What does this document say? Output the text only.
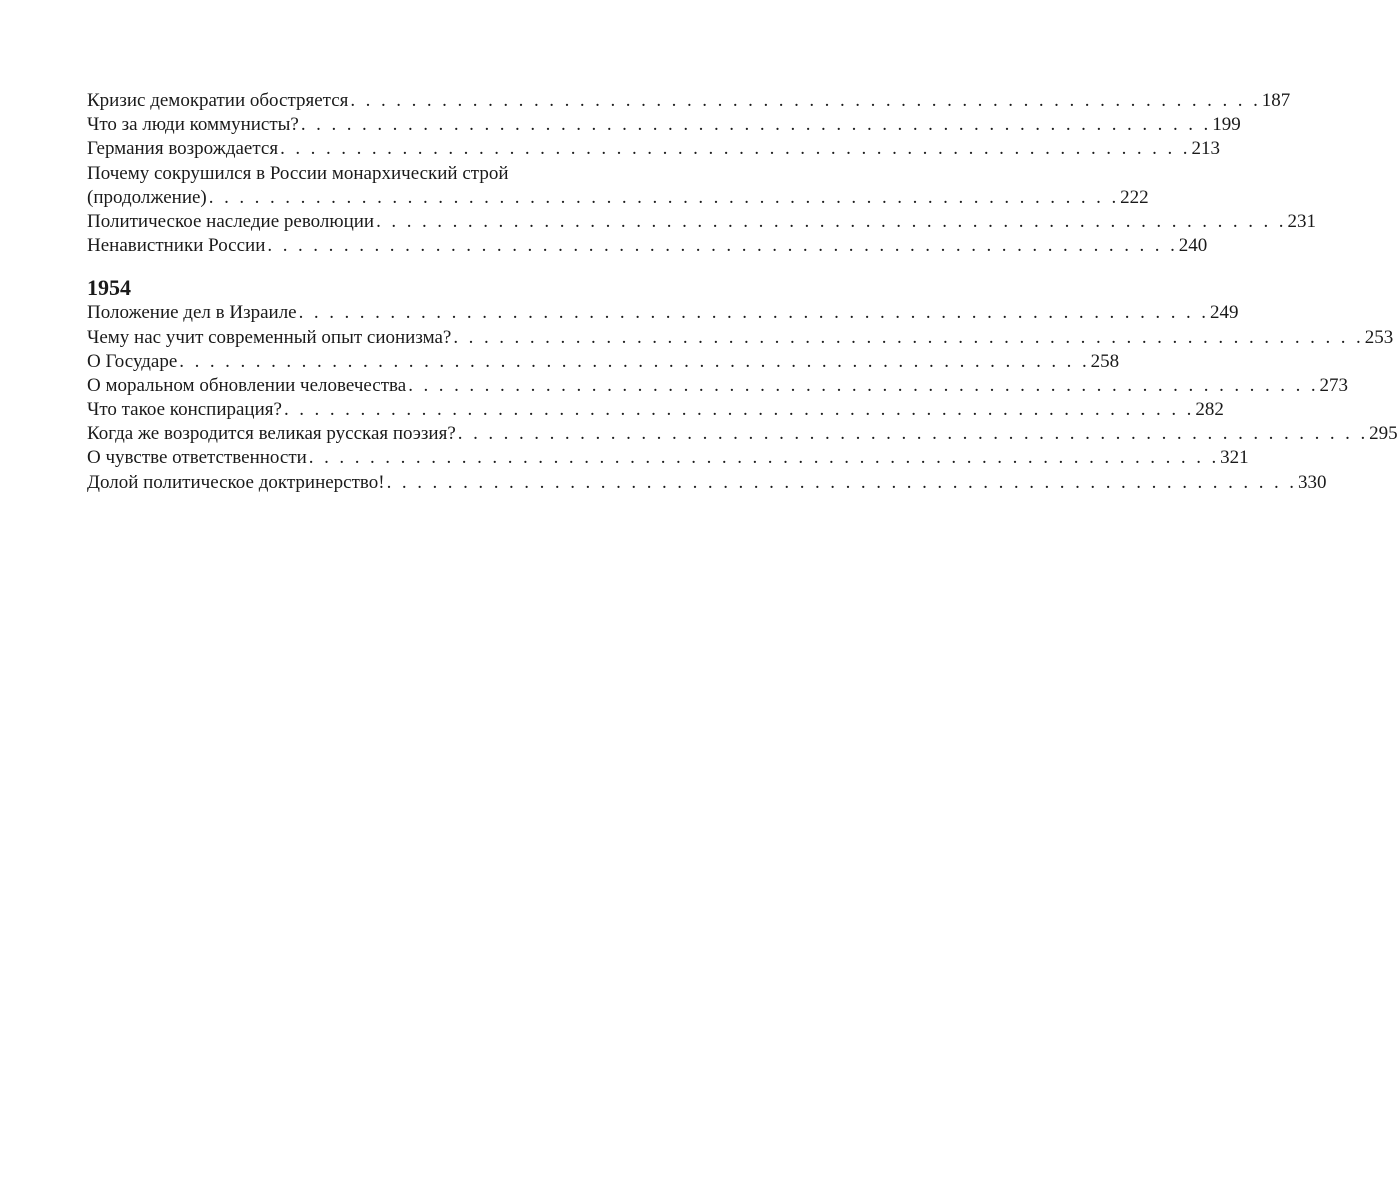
Кризис демократии обостряется . . . . . . . . . . . . . . . . . . . . . . . . . . . . . . . . . . . . . . . . . . . . . . . . . . . . . . . . . . . . 187
Что за люди коммунисты? . . . . . . . . . . . . . . . . . . . . . . . . . . . . . . . . . . . . . . . . . . . . . . . . . . . . . . . . . . . . 199
Германия возрождается . . . . . . . . . . . . . . . . . . . . . . . . . . . . . . . . . . . . . . . . . . . . . . . . . . . . . . . . . . . . 213
Почему сокрушился в России монархический строй
(продолжение) . . . . . . . . . . . . . . . . . . . . . . . . . . . . . . . . . . . . . . . . . . . . . . . . . . . . . . . . . . . . 222
Политическое наследие революции . . . . . . . . . . . . . . . . . . . . . . . . . . . . . . . . . . . . . . . . . . . . . . . . . . . . . . . . . . . . 231
Ненавистники России . . . . . . . . . . . . . . . . . . . . . . . . . . . . . . . . . . . . . . . . . . . . . . . . . . . . . . . . . . . . 240
1954
Положение дел в Израиле . . . . . . . . . . . . . . . . . . . . . . . . . . . . . . . . . . . . . . . . . . . . . . . . . . . . . . . . . . . . 249
Чему нас учит современный опыт сионизма? . . . . . . . . . . . . . . . . . . . . . . . . . . . . . . . . . . . . . . . . . . . . . . . . . . . . . . . . . . . . 253
О Государе . . . . . . . . . . . . . . . . . . . . . . . . . . . . . . . . . . . . . . . . . . . . . . . . . . . . . . . . . . . . 258
О моральном обновлении человечества . . . . . . . . . . . . . . . . . . . . . . . . . . . . . . . . . . . . . . . . . . . . . . . . . . . . . . . . . . . . 273
Что такое конспирация? . . . . . . . . . . . . . . . . . . . . . . . . . . . . . . . . . . . . . . . . . . . . . . . . . . . . . . . . . . . . 282
Когда же возродится великая русская поэзия? . . . . . . . . . . . . . . . . . . . . . . . . . . . . . . . . . . . . . . . . . . . . . . . . . . . . . . . . . . . . 295
О чувстве ответственности . . . . . . . . . . . . . . . . . . . . . . . . . . . . . . . . . . . . . . . . . . . . . . . . . . . . . . . . . . . . 321
Долой политическое доктринерство! . . . . . . . . . . . . . . . . . . . . . . . . . . . . . . . . . . . . . . . . . . . . . . . . . . . . . . . . . . . . 330
